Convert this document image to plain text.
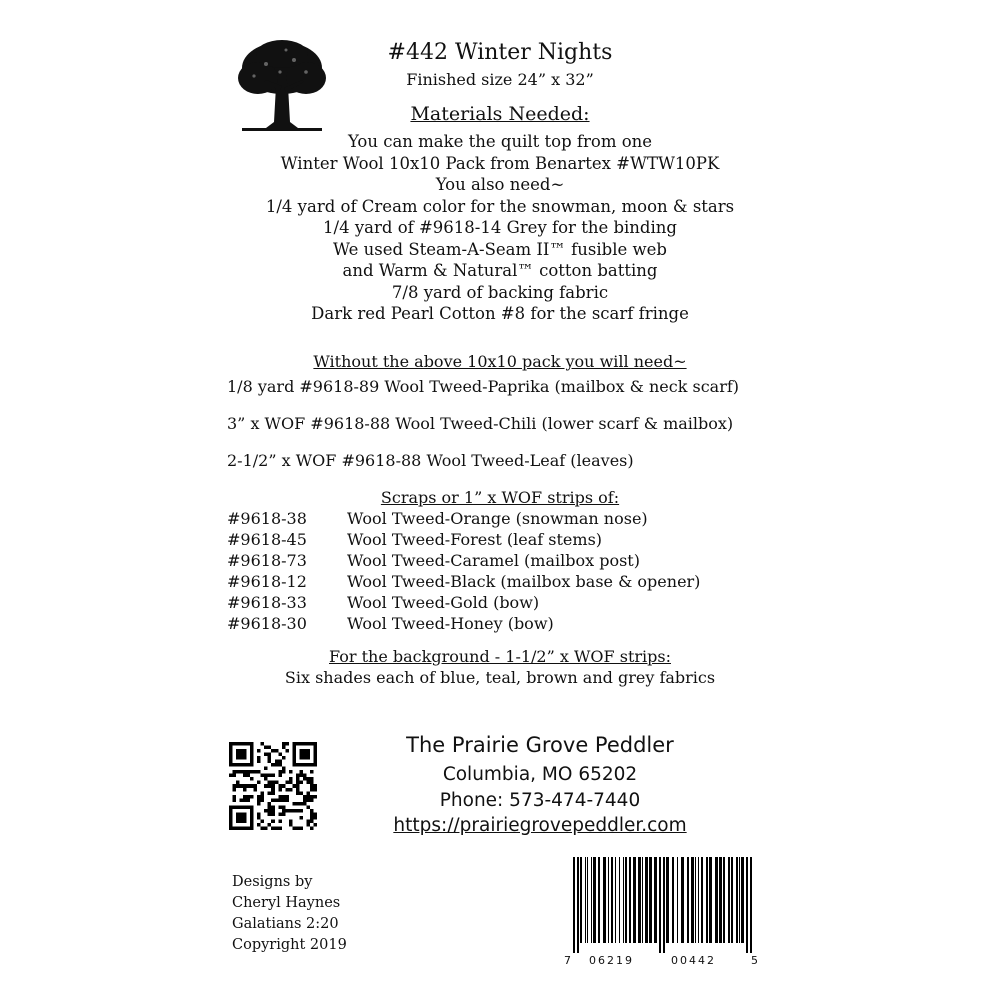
#442 Winter Nights
Finished size 24” x 32”
Materials Needed:
You can make the quilt top from one
Winter Wool 10x10 Pack from Benartex #WTW10PK
You also need~
1/4 yard of Cream color for the snowman, moon & stars
1/4 yard of #9618-14 Grey for the binding
We used Steam-A-Seam II™ fusible web
and Warm & Natural™ cotton batting
7/8 yard of backing fabric
Dark red Pearl Cotton #8 for the scarf fringe
Without the above 10x10 pack you will need~
1/8 yard #9618-89 Wool Tweed-Paprika (mailbox & neck scarf)
3” x WOF #9618-88 Wool Tweed-Chili (lower scarf & mailbox)
2-1/2” x WOF #9618-88 Wool Tweed-Leaf (leaves)
Scraps or 1” x WOF strips of:
#9618-38	Wool Tweed-Orange (snowman nose)
#9618-45	Wool Tweed-Forest (leaf stems)
#9618-73	Wool Tweed-Caramel (mailbox post)
#9618-12	Wool Tweed-Black (mailbox base & opener)
#9618-33	Wool Tweed-Gold (bow)
#9618-30	Wool Tweed-Honey (bow)
For the background - 1-1/2” x WOF strips:
Six shades each of blue, teal, brown and grey fabrics
The Prairie Grove Peddler
Columbia, MO 65202
Phone: 573-474-7440
https://prairiegrovepeddler.com
Designs by
Cheryl Haynes
Galatians 2:20
Copyright 2019
7 06219	00442	5
